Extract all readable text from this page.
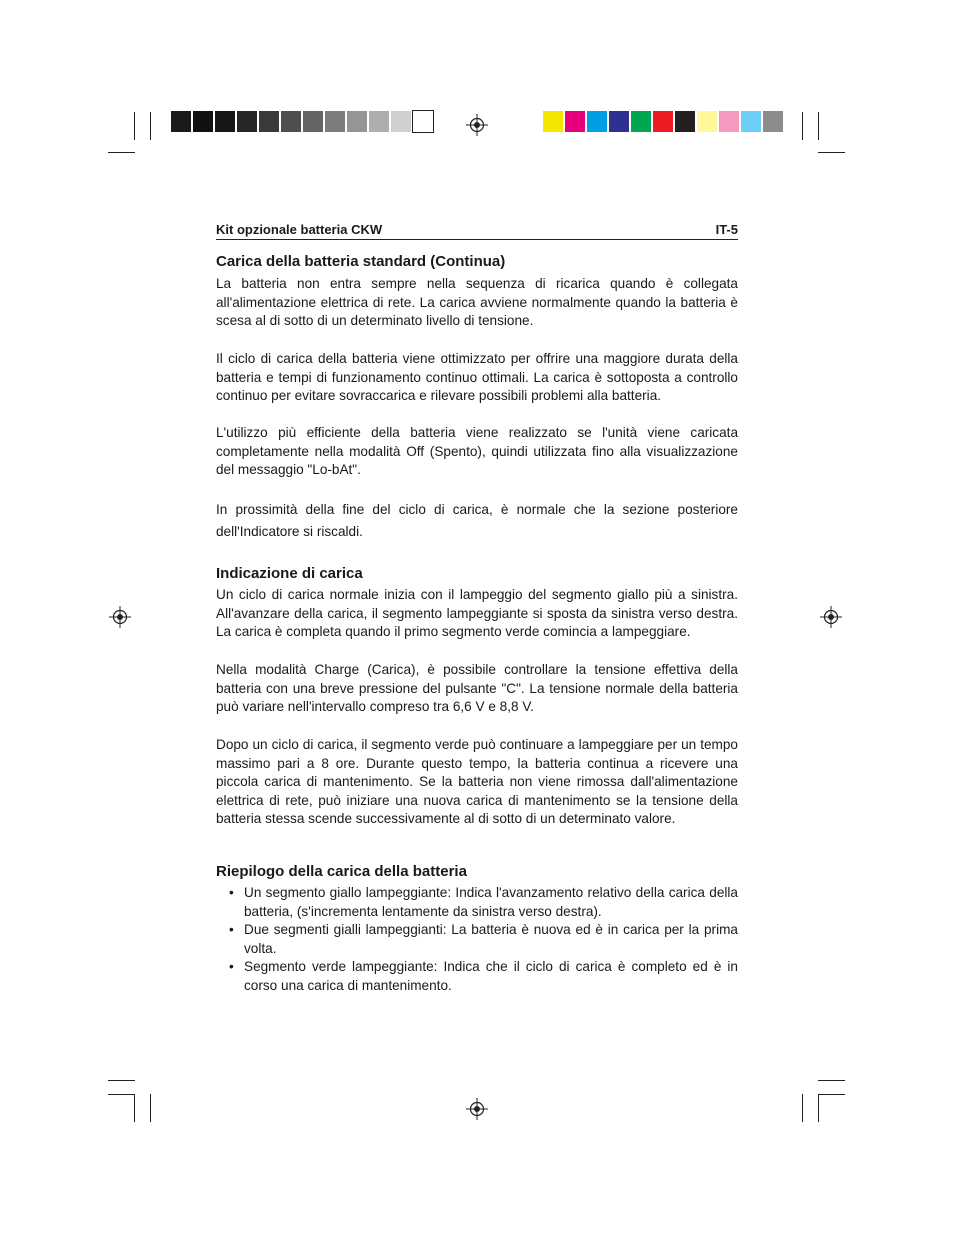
Kit opzionale batteria CKW	IT-5
Carica della batteria standard (Continua)

La batteria non entra sempre nella sequenza di ricarica quando è collegata all'alimentazione elettrica di rete. La carica avviene normalmente quando la batteria è scesa al di sotto di un determinato livello di tensione.

Il ciclo di carica della batteria viene ottimizzato per offrire una maggiore durata della batteria e tempi di funzionamento continuo ottimali. La carica è sottoposta a controllo continuo per evitare sovraccarica e rilevare possibili problemi alla batteria.

L'utilizzo più efficiente della batteria viene realizzato se l'unità viene caricata completamente nella modalità Off (Spento), quindi utilizzata fino alla visualizzazione del messaggio "Lo-bAt".

In prossimità della fine del ciclo di carica, è normale che la sezione posteriore dell'Indicatore si riscaldi.

Indicazione di carica

Un ciclo di carica normale inizia con il lampeggio del segmento giallo più a sinistra. All'avanzare della carica, il segmento lampeggiante si sposta da sinistra verso destra. La carica è completa quando il primo segmento verde comincia a lampeggiare.

Nella modalità Charge (Carica), è possibile controllare la tensione effettiva della batteria con una breve pressione del pulsante "C". La tensione normale della batteria può variare nell'intervallo compreso tra 6,6 V e 8,8 V.

Dopo un ciclo di carica, il segmento verde può continuare a lampeggiare per un tempo massimo pari a 8 ore. Durante questo tempo, la batteria continua a ricevere una piccola carica di mantenimento. Se la batteria non viene rimossa dall'alimentazione elettrica di rete, può iniziare una nuova carica di mantenimento se la tensione della batteria stessa scende successivamente al di sotto di un determinato valore.

Riepilogo della carica della batteria
• Un segmento giallo lampeggiante: Indica l'avanzamento relativo della carica della batteria, (s'incrementa lentamente da sinistra verso destra).
• Due segmenti gialli lampeggianti: La batteria è nuova ed è in carica per la prima volta.
• Segmento verde lampeggiante: Indica che il ciclo di carica è completo ed è in corso una carica di mantenimento.
